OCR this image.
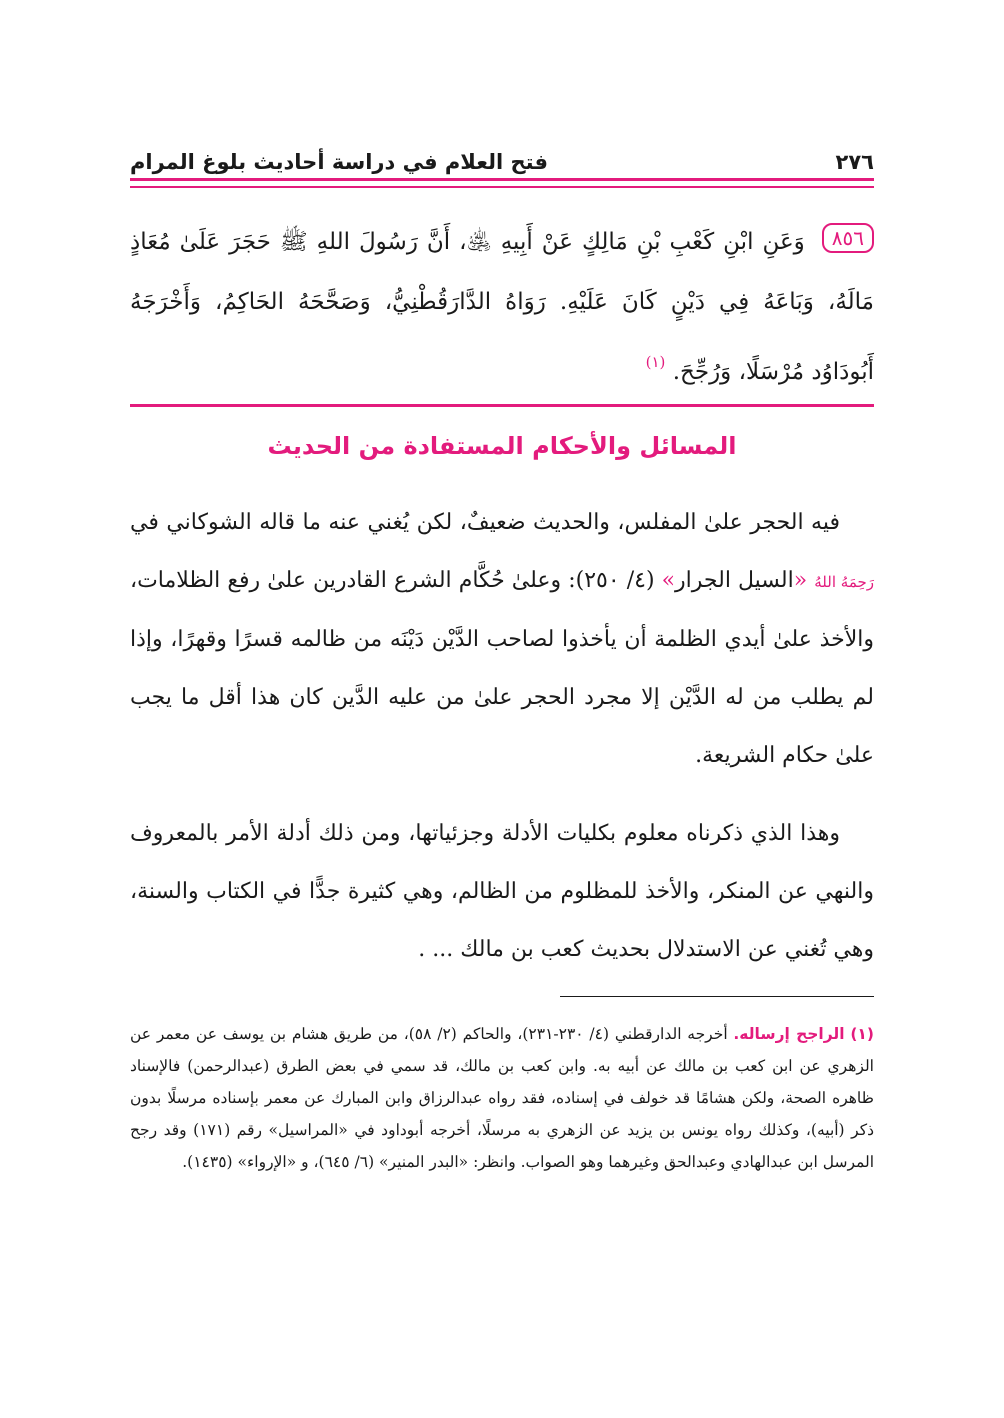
٢٧٦
فتح العلام في دراسة أحاديث بلوغ المرام
٨٥٦ وَعَنِ ابْنِ كَعْبِ بْنِ مَالِكٍ عَنْ أَبِيهِ ﵁، أَنَّ رَسُولَ اللهِ ﷺ حَجَرَ عَلَىٰ مُعَاذٍ مَالَهُ، وَبَاعَهُ فِي دَيْنٍ كَانَ عَلَيْهِ. رَوَاهُ الدَّارَقُطْنِيُّ، وَصَحَّحَهُ الحَاكِمُ، وَأَخْرَجَهُ أَبُودَاوُد مُرْسَلًا، وَرُجِّحَ. $^{(١)}$
المسائل والأحكام المستفادة من الحديث

فيه الحجر علىٰ المفلس، والحديث ضعيفٌ، لكن يُغني عنه ما قاله الشوكاني في رَحِمَهُ اللهُ «السيل الجرار» (٤/ ٢٥٠): وعلىٰ حُكَّام الشرع القادرين علىٰ رفع الظلامات، والأخذ علىٰ أيدي الظلمة أن يأخذوا لصاحب الدَّيْن دَيْنَه من ظالمه قسرًا وقهرًا، وإذا لم يطلب من له الدَّيْن إلا مجرد الحجر علىٰ من عليه الدَّين كان هذا أقل ما يجب علىٰ حكام الشريعة.

وهذا الذي ذكرناه معلوم بكليات الأدلة وجزئياتها، ومن ذلك أدلة الأمر بالمعروف والنهي عن المنكر، والأخذ للمظلوم من الظالم، وهي كثيرة جدًّا في الكتاب والسنة، وهي تُغني عن الاستدلال بحديث كعب بن مالك ... .

(١) الراجح إرساله. أخرجه الدارقطني (٤/ ٢٣٠-٢٣١)، والحاكم (٢/ ٥٨)، من طريق هشام بن يوسف عن معمر عن الزهري عن ابن كعب بن مالك عن أبيه به. وابن كعب بن مالك، قد سمي في بعض الطرق (عبدالرحمن) فالإسناد ظاهره الصحة، ولكن هشامًا قد خولف في إسناده، فقد رواه عبدالرزاق وابن المبارك عن معمر بإسناده مرسلًا بدون ذكر (أبيه)، وكذلك رواه يونس بن يزيد عن الزهري به مرسلًا، أخرجه أبوداود في «المراسيل» رقم (١٧١) وقد رجح المرسل ابن عبدالهادي وعبدالحق وغيرهما وهو الصواب. وانظر: «البدر المنير» (٦/ ٦٤٥)، و «الإرواء» (١٤٣٥).
